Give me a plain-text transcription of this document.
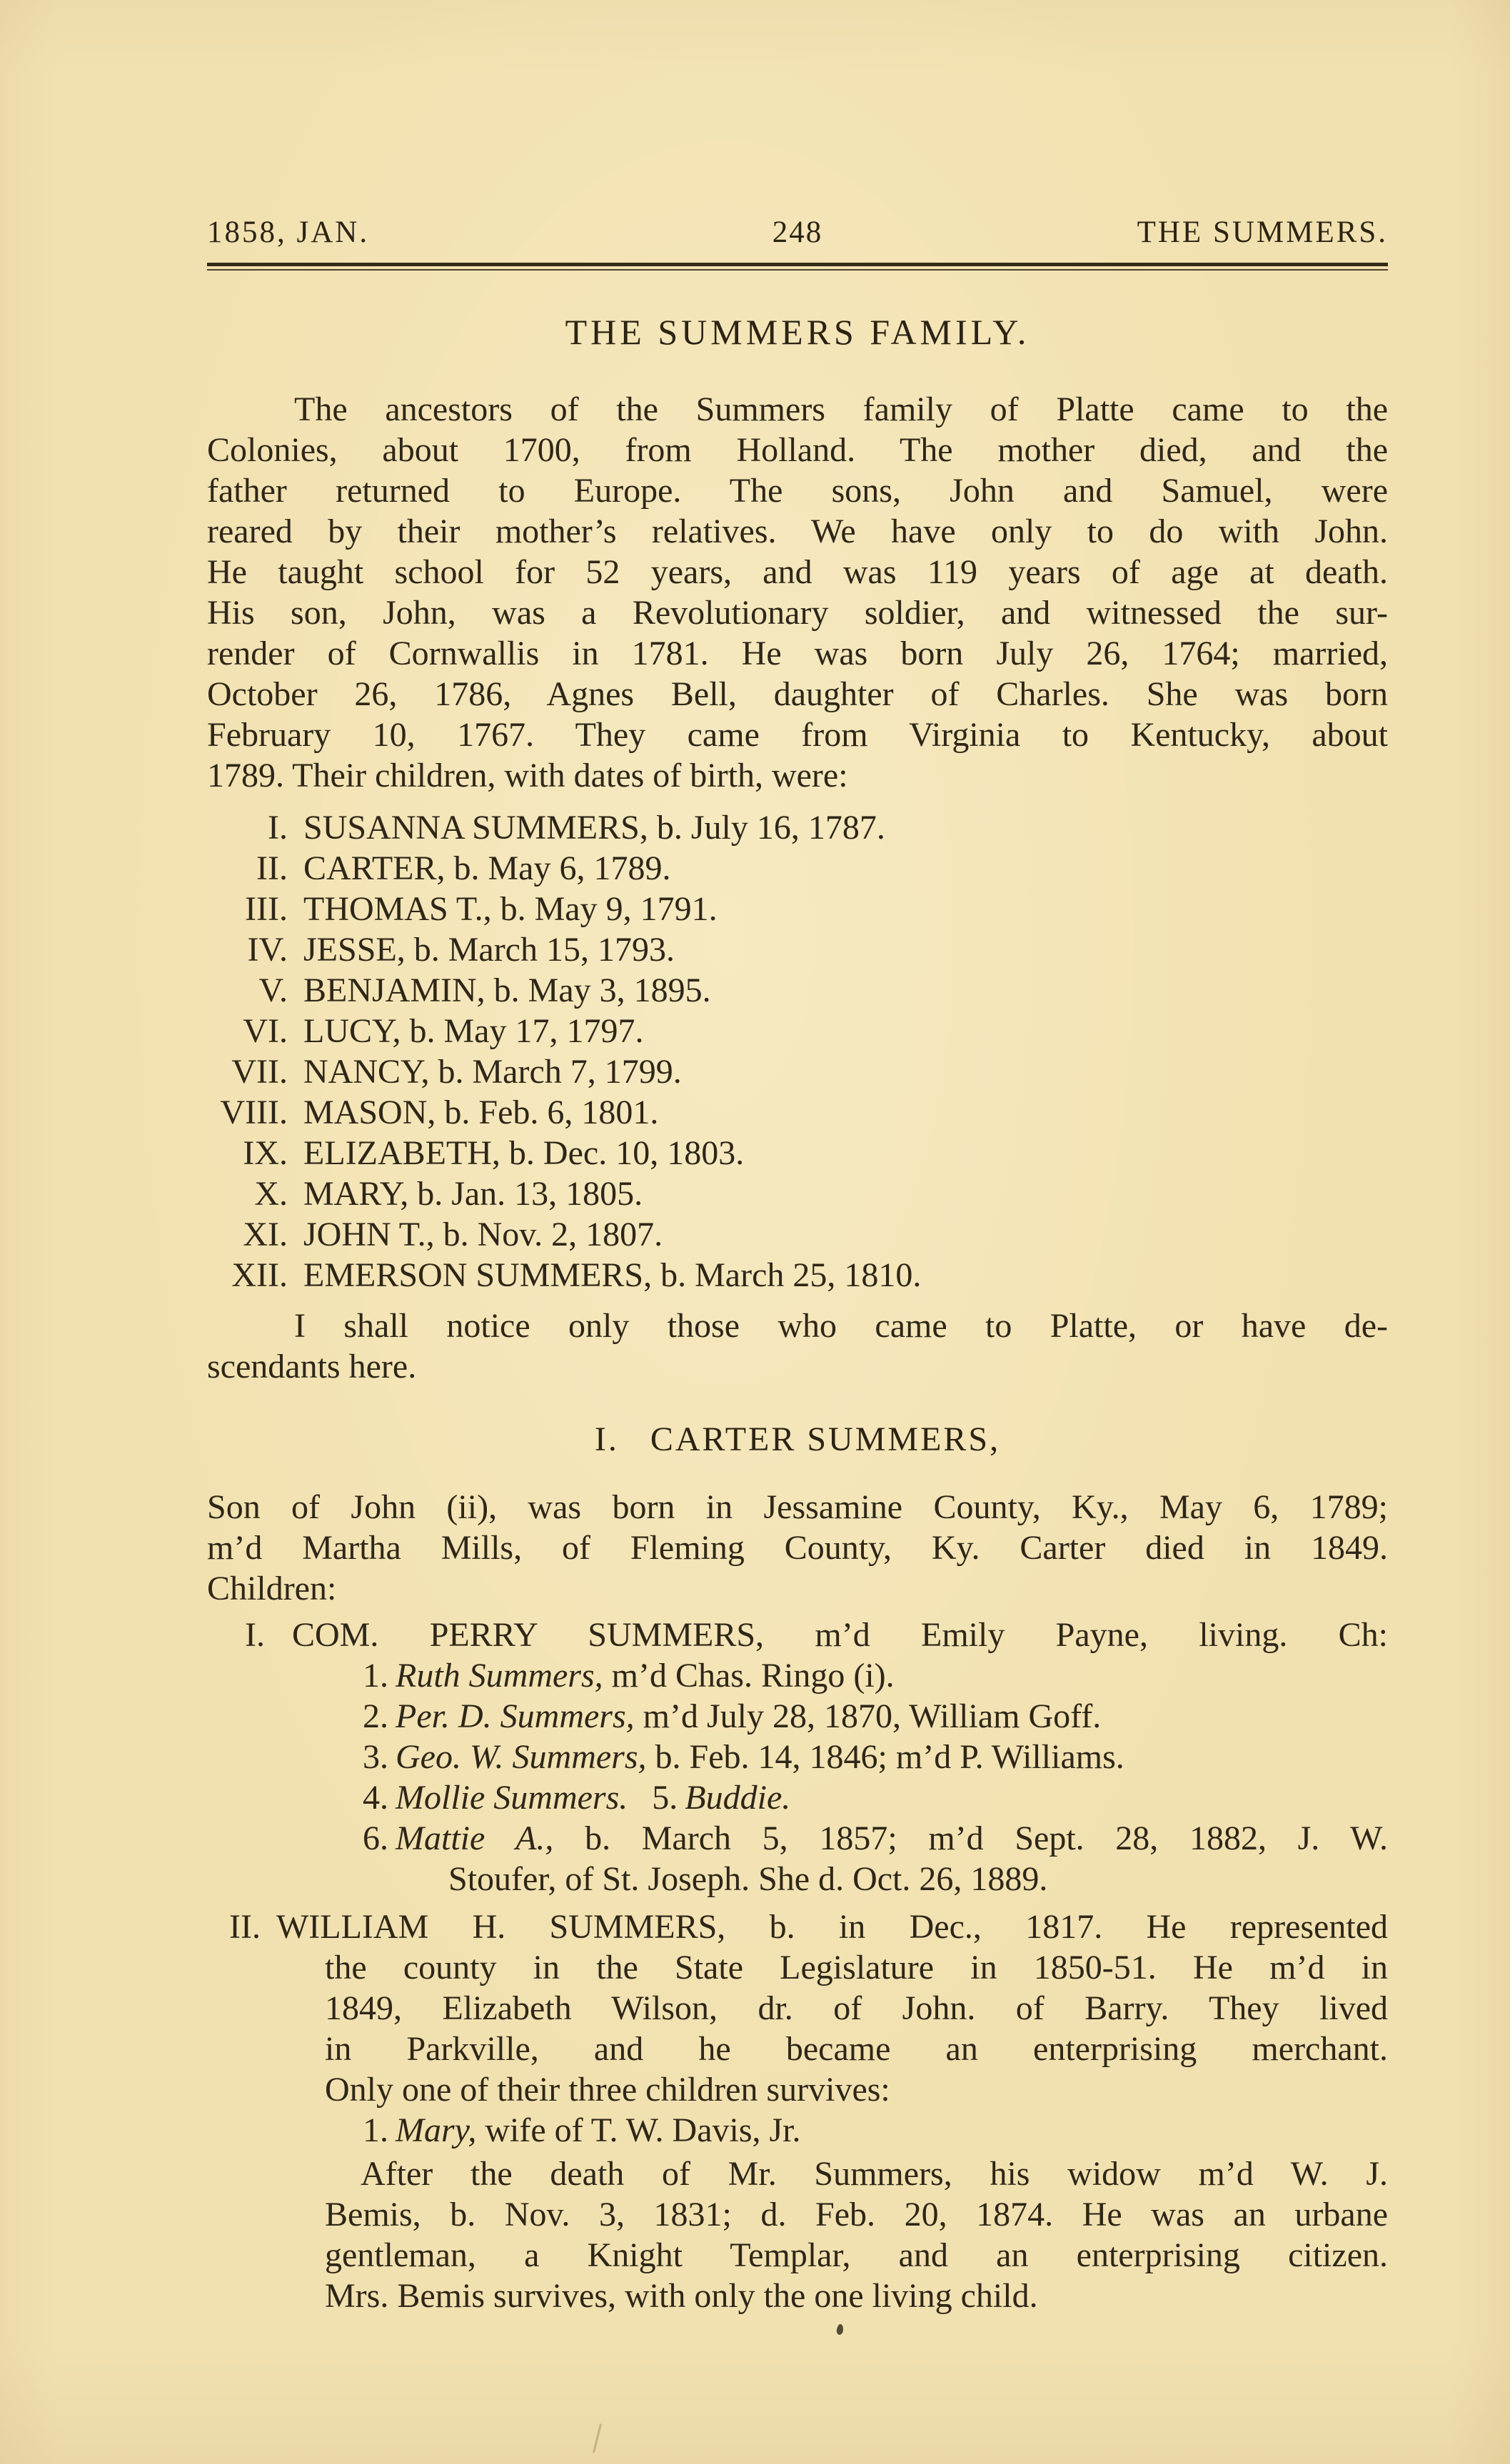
1858, JAN.	248	THE SUMMERS.
THE SUMMERS FAMILY.
The ancestors of the Summers family of Platte came to the
Colonies, about 1700, from Holland. The mother died, and the
father returned to Europe. The sons, John and Samuel, were
reared by their mother’s relatives. We have only to do with John.
He taught school for 52 years, and was 119 years of age at death.
His son, John, was a Revolutionary soldier, and witnessed the sur-
render of Cornwallis in 1781. He was born July 26, 1764; married,
October 26, 1786, Agnes Bell, daughter of Charles. She was born
February 10, 1767. They came from Virginia to Kentucky, about
1789. Their children, with dates of birth, were:
I. SUSANNA SUMMERS, b. July 16, 1787.
II. CARTER, b. May 6, 1789.
III. THOMAS T., b. May 9, 1791.
IV. JESSE, b. March 15, 1793.
V. BENJAMIN, b. May 3, 1895.
VI. LUCY, b. May 17, 1797.
VII. NANCY, b. March 7, 1799.
VIII. MASON, b. Feb. 6, 1801.
IX. ELIZABETH, b. Dec. 10, 1803.
X. MARY, b. Jan. 13, 1805.
XI. JOHN T., b. Nov. 2, 1807.
XII. EMERSON SUMMERS, b. March 25, 1810.
I shall notice only those who came to Platte, or have de-
scendants here.
I. CARTER SUMMERS,
Son of John (ii), was born in Jessamine County, Ky., May 6, 1789;
m’d Martha Mills, of Fleming County, Ky. Carter died in 1849.
Children:
I. COM. PERRY SUMMERS, m’d Emily Payne, living. Ch:
1. Ruth Summers, m’d Chas. Ringo (i).
2. Per. D. Summers, m’d July 28, 1870, William Goff.
3. Geo. W. Summers, b. Feb. 14, 1846; m’d P. Williams.
4. Mollie Summers. 5. Buddie.
6. Mattie A., b. March 5, 1857; m’d Sept. 28, 1882, J. W.
Stoufer, of St. Joseph. She d. Oct. 26, 1889.
II. WILLIAM H. SUMMERS, b. in Dec., 1817. He represented
the county in the State Legislature in 1850-51. He m’d in
1849, Elizabeth Wilson, dr. of John. of Barry. They lived
in Parkville, and he became an enterprising merchant.
Only one of their three children survives:
1. Mary, wife of T. W. Davis, Jr.
After the death of Mr. Summers, his widow m’d W. J.
Bemis, b. Nov. 3, 1831; d. Feb. 20, 1874. He was an urbane
gentleman, a Knight Templar, and an enterprising citizen.
Mrs. Bemis survives, with only the one living child.
